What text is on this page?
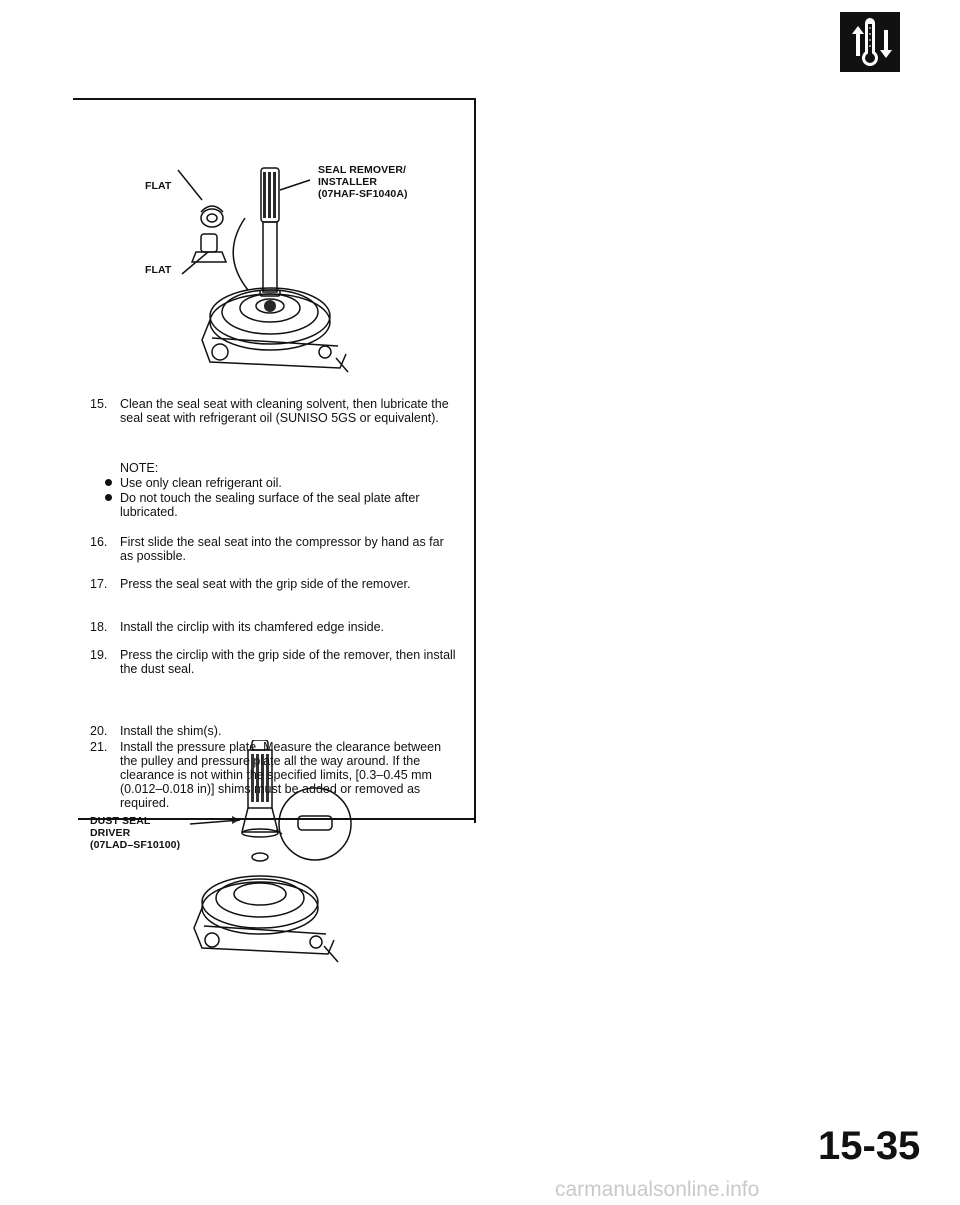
FLAT
FLAT
SEAL REMOVER/
INSTALLER
(07HAF-SF1040A)
15. Clean the seal seat with cleaning solvent, then lubricate the seal seat with refrigerant oil (SUNISO 5GS or equivalent).
NOTE:
Use only clean refrigerant oil.
Do not touch the sealing surface of the seal plate after lubricated.
16. First slide the seal seat into the compressor by hand as far as possible.
17. Press the seal seat with the grip side of the remover.
18. Install the circlip with its chamfered edge inside.
19. Press the circlip with the grip side of the remover, then install the dust seal.
DUST SEAL
DRIVER
(07LAD–SF10100)
20. Install the shim(s).
21. Install the pressure plate. Measure the clearance between the pulley and pressure plate all the way around. If the clearance is not within the specified limits, [0.3–0.45 mm (0.012–0.018 in)] shims must be added or removed as required.
15-35
carmanualsonline.info
